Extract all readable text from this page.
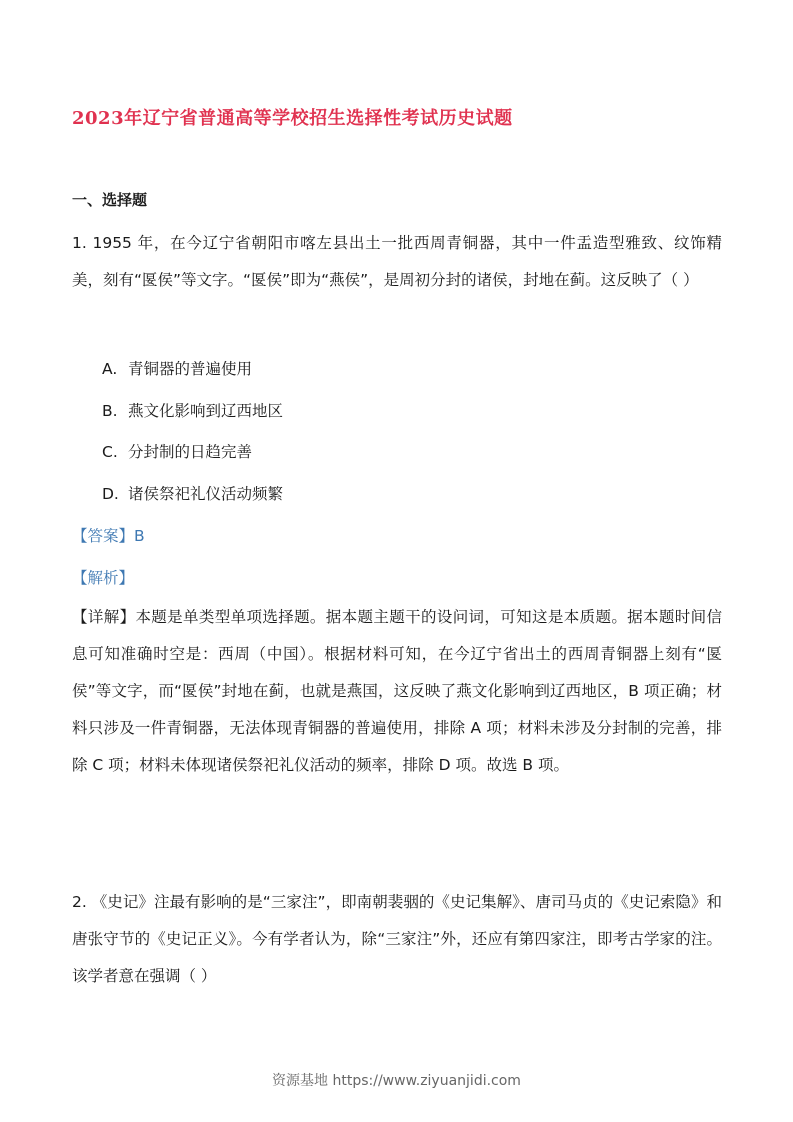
2023年辽宁省普通高等学校招生选择性考试历史试题
一、选择题
1. 1955 年，在今辽宁省朝阳市喀左县出土一批西周青铜器，其中一件盂造型雅致、纹饰精美，刻有“匽侯”等文字。“匽侯”即为“燕侯”，是周初分封的诸侯，封地在蓟。这反映了（ ）
A. 青铜器的普遍使用
B. 燕文化影响到辽西地区
C. 分封制的日趋完善
D. 诸侯祭祀礼仪活动频繁
【答案】B
【解析】
【详解】本题是单类型单项选择题。据本题主题干的设问词，可知这是本质题。据本题时间信息可知准确时空是：西周（中国）。根据材料可知，在今辽宁省出土的西周青铜器上刻有“匽侯”等文字，而“匽侯”封地在蓟，也就是燕国，这反映了燕文化影响到辽西地区，B 项正确；材料只涉及一件青铜器，无法体现青铜器的普遍使用，排除 A 项；材料未涉及分封制的完善，排除 C 项；材料未体现诸侯祭祀礼仪活动的频率，排除 D 项。故选 B 项。
2. 《史记》注最有影响的是“三家注”，即南朝裴骃的《史记集解》、唐司马贞的《史记索隐》和唐张守节的《史记正义》。今有学者认为，除“三家注”外，还应有第四家注，即考古学家的注。该学者意在强调（ ）
资源基地 https://www.ziyuanjidi.com
